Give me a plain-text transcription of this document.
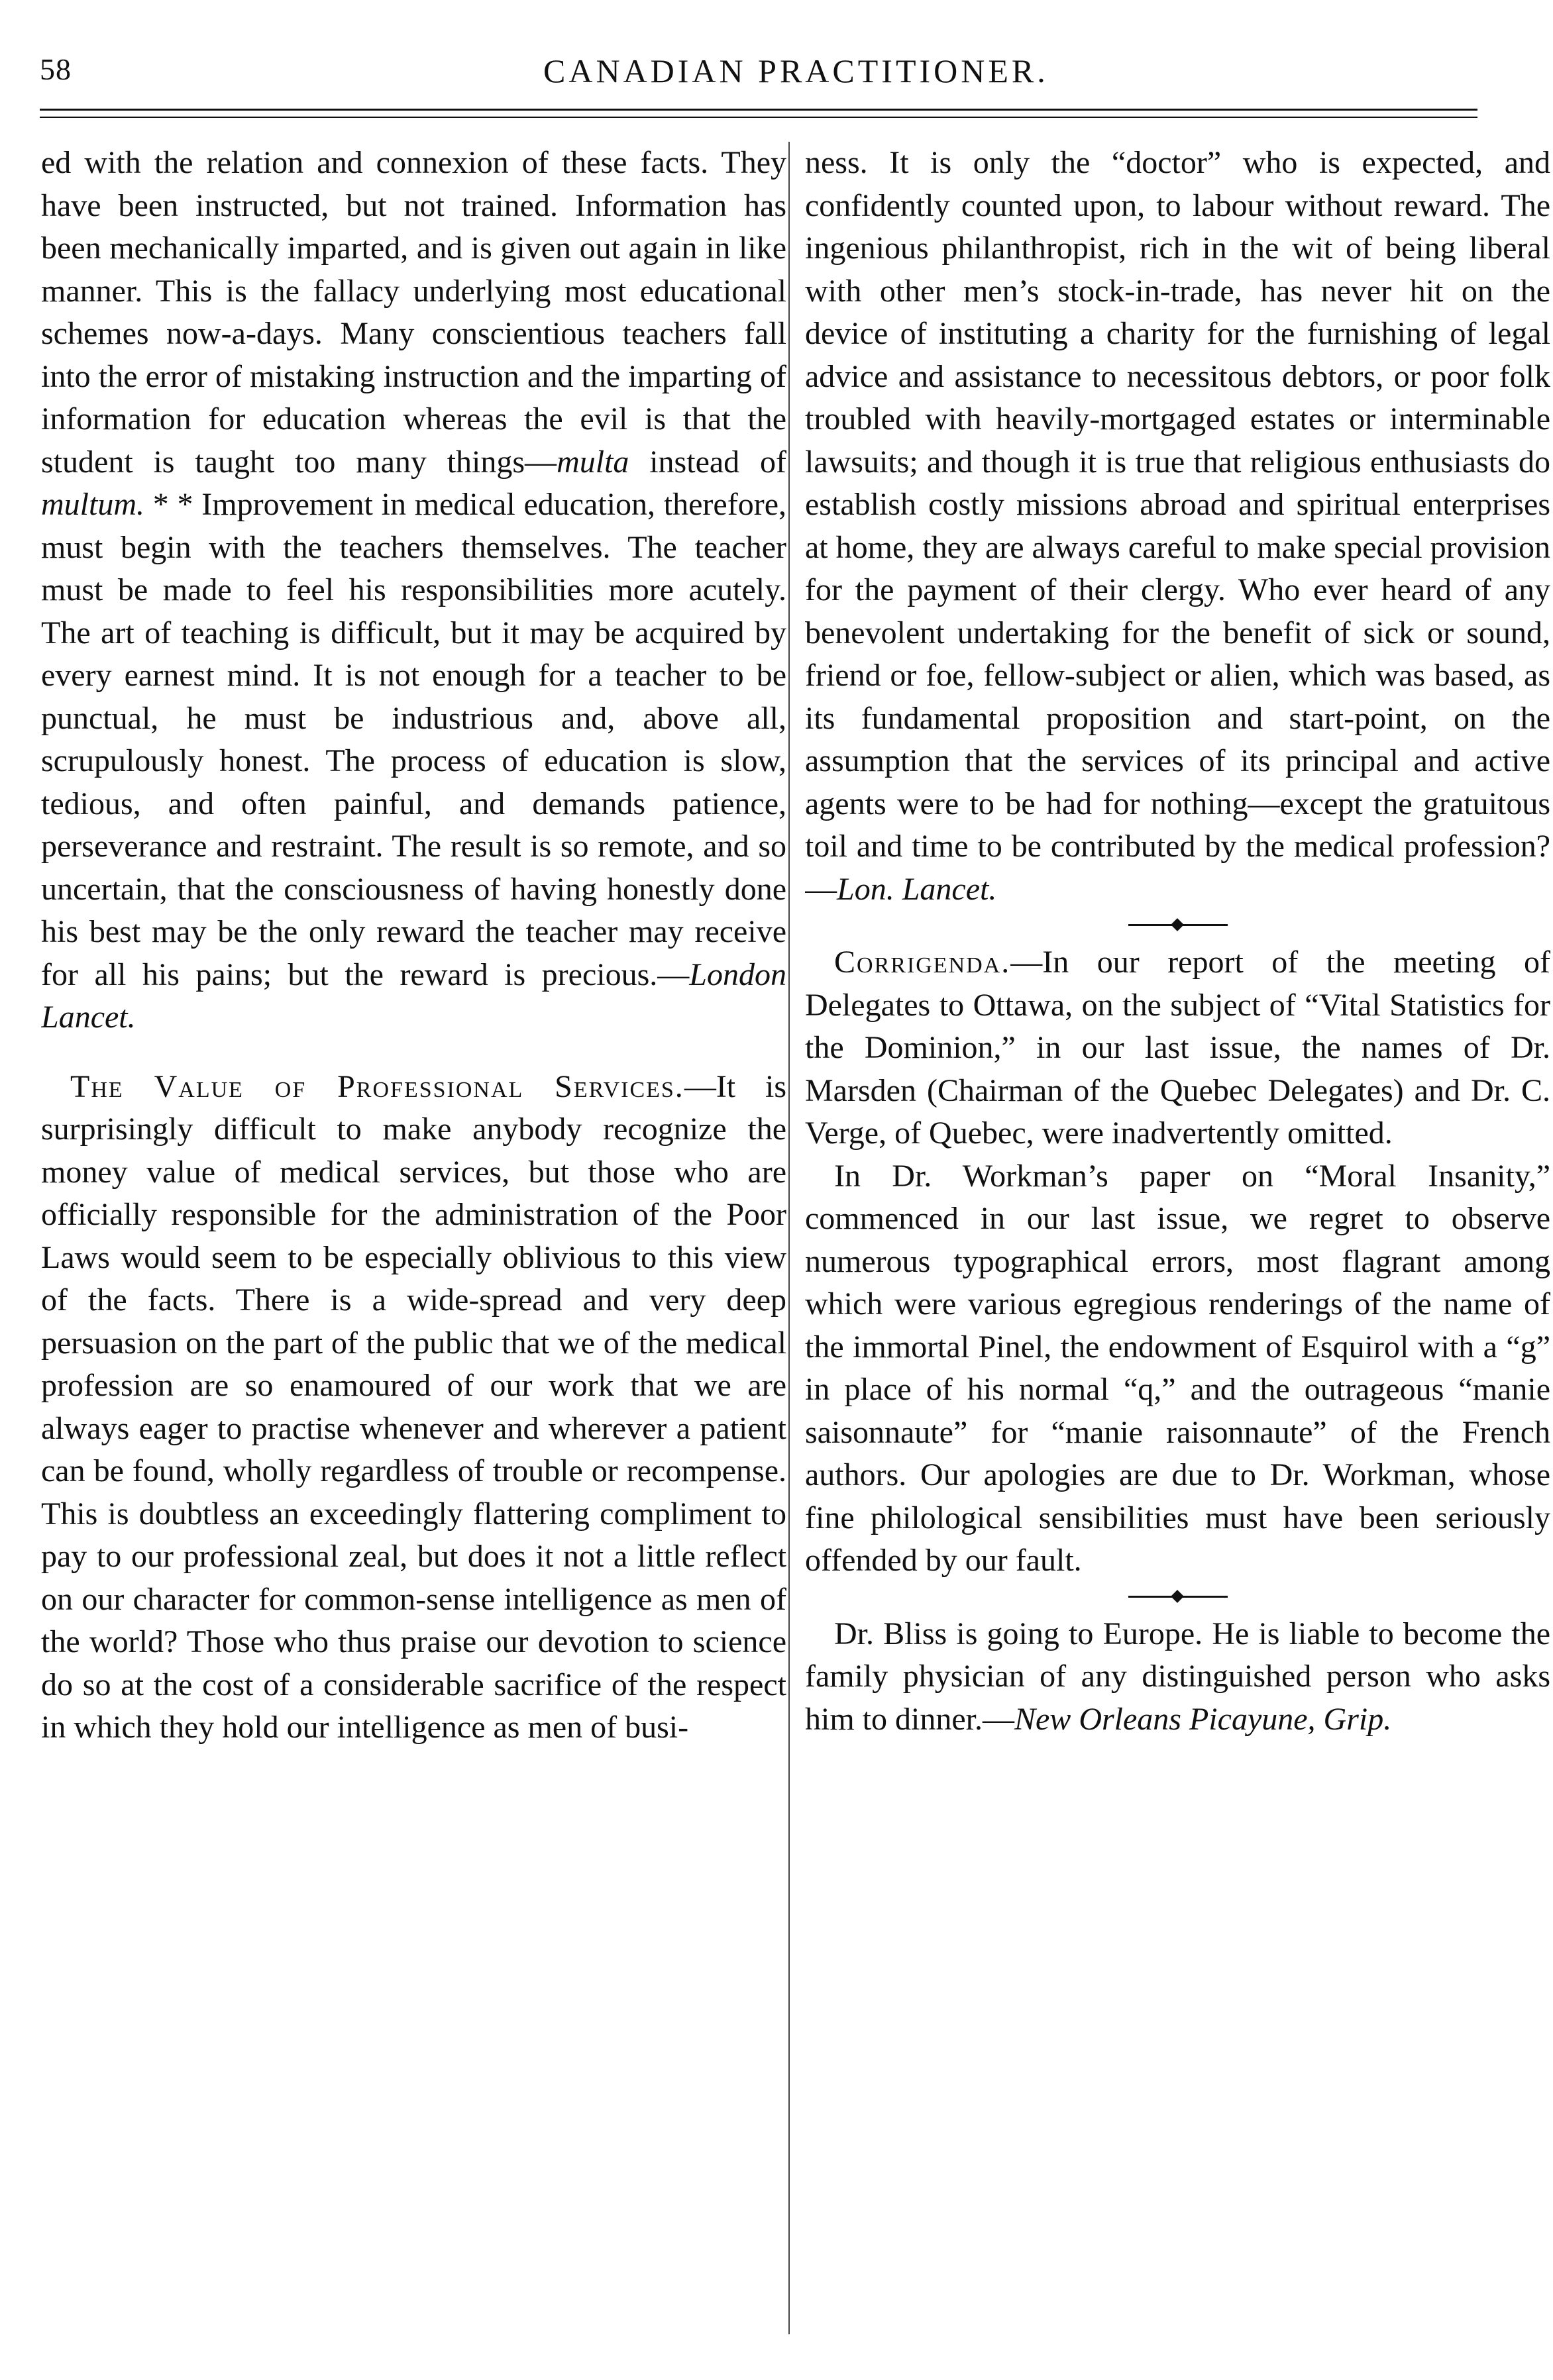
58	CANADIAN PRACTITIONER.

ed with the relation and connexion of these facts. They have been instructed, but not trained. Information has been mechanically imparted, and is given out again in like manner. This is the fallacy underlying most educational schemes now-a-days. Many conscientious teachers fall into the error of mistaking instruction and the imparting of information for education whereas the evil is that the student is taught too many things—multa instead of multum. * * Improvement in medical education, therefore, must begin with the teachers themselves. The teacher must be made to feel his responsibilities more acutely. The art of teaching is difficult, but it may be acquired by every earnest mind. It is not enough for a teacher to be punctual, he must be industrious and, above all, scrupulously honest. The process of education is slow, tedious, and often painful, and demands patience, perseverance and restraint. The result is so remote, and so uncertain, that the consciousness of having honestly done his best may be the only reward the teacher may receive for all his pains; but the reward is precious.—London Lancet.

The Value of Professional Services.—It is surprisingly difficult to make anybody recognize the money value of medical services, but those who are officially responsible for the administration of the Poor Laws would seem to be especially oblivious to this view of the facts. There is a wide-spread and very deep persuasion on the part of the public that we of the medical profession are so enamoured of our work that we are always eager to practise whenever and wherever a patient can be found, wholly regardless of trouble or recompense. This is doubtless an exceedingly flattering compliment to pay to our professional zeal, but does it not a little reflect on our character for common-sense intelligence as men of the world? Those who thus praise our devotion to science do so at the cost of a considerable sacrifice of the respect in which they hold our intelligence as men of busi-

ness. It is only the “doctor” who is expected, and confidently counted upon, to labour without reward. The ingenious philanthropist, rich in the wit of being liberal with other men’s stock-in-trade, has never hit on the device of instituting a charity for the furnishing of legal advice and assistance to necessitous debtors, or poor folk troubled with heavily-mortgaged estates or interminable lawsuits; and though it is true that religious enthusiasts do establish costly missions abroad and spiritual enterprises at home, they are always careful to make special provision for the payment of their clergy. Who ever heard of any benevolent undertaking for the benefit of sick or sound, friend or foe, fellow-subject or alien, which was based, as its fundamental proposition and start-point, on the assumption that the services of its principal and active agents were to be had for nothing—except the gratuitous toil and time to be contributed by the medical profession?—Lon. Lancet.

Corrigenda.—In our report of the meeting of Delegates to Ottawa, on the subject of “Vital Statistics for the Dominion,” in our last issue, the names of Dr. Marsden (Chairman of the Quebec Delegates) and Dr. C. Verge, of Quebec, were inadvertently omitted.

In Dr. Workman’s paper on “Moral Insanity,” commenced in our last issue, we regret to observe numerous typographical errors, most flagrant among which were various egregious renderings of the name of the immortal Pinel, the endowment of Esquirol with a “g” in place of his normal “q,” and the outrageous “manie saisonnaute” for “manie raisonnaute” of the French authors. Our apologies are due to Dr. Workman, whose fine philological sensibilities must have been seriously offended by our fault.

Dr. Bliss is going to Europe. He is liable to become the family physician of any distinguished person who asks him to dinner.—New Orleans Picayune, Grip.
